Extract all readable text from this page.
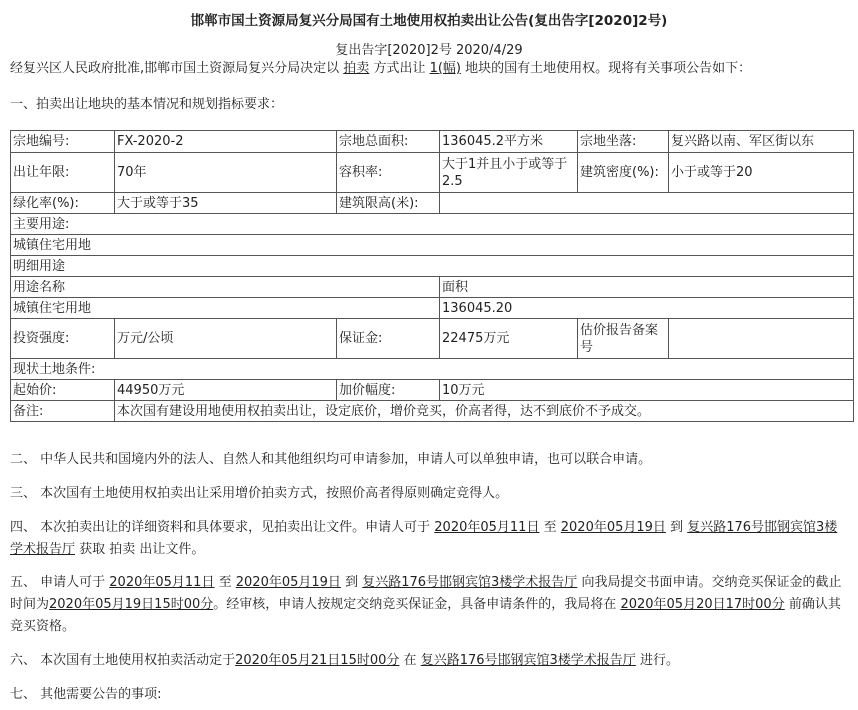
邯郸市国土资源局复兴分局国有土地使用权拍卖出让公告(复出告字[2020]2号)
复出告字[2020]2号 2020/4/29
经复兴区人民政府批准,邯郸市国土资源局复兴分局决定以 拍卖 方式出让 1(幅) 地块的国有土地使用权。现将有关事项公告如下：
一、拍卖出让地块的基本情况和规划指标要求：
宗地编号:	FX-2020-2	宗地总面积:	136045.2平方米	宗地坐落:	复兴路以南、军区街以东
出让年限:	70年	容积率:	大于1并且小于或等于2.5	建筑密度(%):	小于或等于20
绿化率(%):	大于或等于35	建筑限高(米):			
主要用途:					
城镇住宅用地					
明细用途					
用途名称			面积		
城镇住宅用地			136045.20		
投资强度:	万元/公顷	保证金:	22475万元	估价报告备案号	
现状土地条件:					
起始价:	44950万元	加价幅度:	10万元		
备注:	本次国有建设用地使用权拍卖出让，设定底价，增价竞买，价高者得，达不到底价不予成交。				
二、 中华人民共和国境内外的法人、自然人和其他组织均可申请参加，申请人可以单独申请，也可以联合申请。
三、 本次国有土地使用权拍卖出让采用增价拍卖方式，按照价高者得原则确定竞得人。
四、 本次拍卖出让的详细资料和具体要求，见拍卖出让文件。申请人可于 2020年05月11日 至 2020年05月19日 到 复兴路176号邯钢宾馆3楼学术报告厅 获取 拍卖 出让文件。
五、 申请人可于 2020年05月11日 至 2020年05月19日 到 复兴路176号邯钢宾馆3楼学术报告厅 向我局提交书面申请。交纳竞买保证金的截止时间为2020年05月19日15时00分。经审核，申请人按规定交纳竞买保证金，具备申请条件的，我局将在 2020年05月20日17时00分 前确认其竞买资格。
六、 本次国有土地使用权拍卖活动定于2020年05月21日15时00分 在 复兴路176号邯钢宾馆3楼学术报告厅 进行。
七、 其他需要公告的事项:
